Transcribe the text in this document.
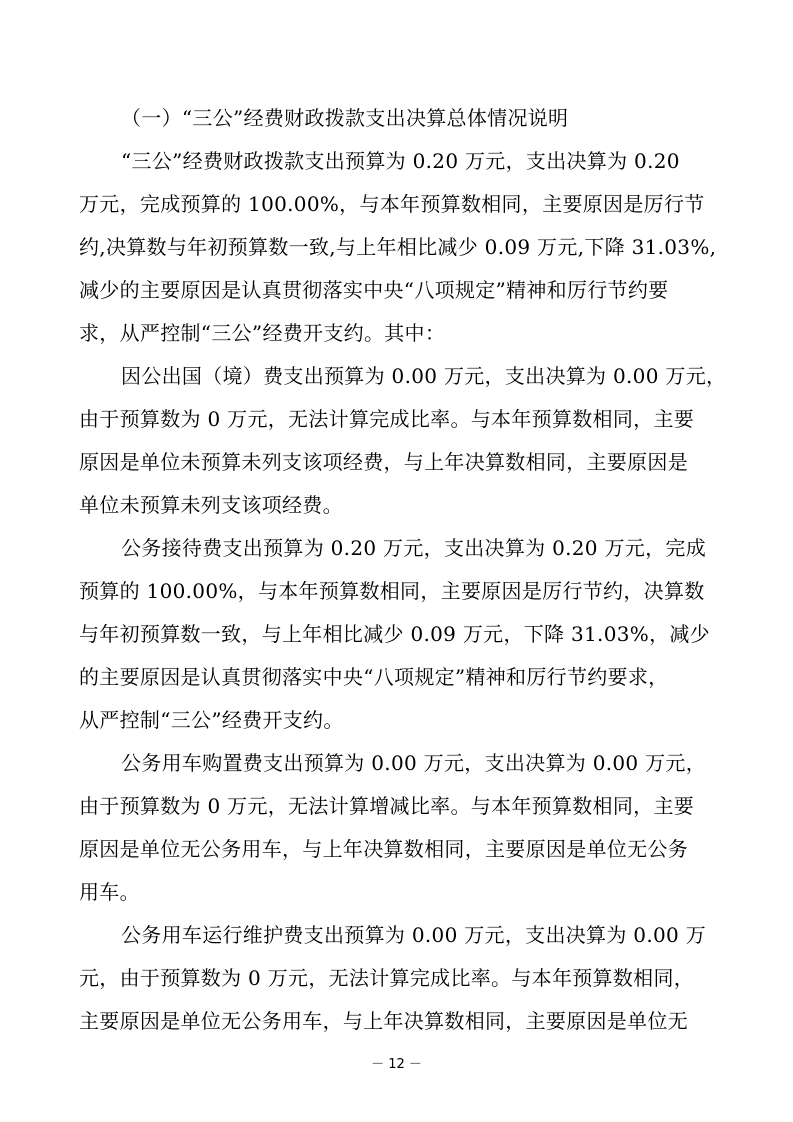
（一）“三公”经费财政拨款支出决算总体情况说明
“三公”经费财政拨款支出预算为 0.20 万元，支出决算为 0.20
万元，完成预算的 100.00%，与本年预算数相同，主要原因是厉行节
约,决算数与年初预算数一致,与上年相比减少 0.09 万元,下降 31.03%,
减少的主要原因是认真贯彻落实中央“八项规定”精神和厉行节约要
求，从严控制“三公”经费开支约。其中：
因公出国（境）费支出预算为 0.00 万元，支出决算为 0.00 万元，
由于预算数为 0 万元，无法计算完成比率。与本年预算数相同，主要
原因是单位未预算未列支该项经费，与上年决算数相同，主要原因是
单位未预算未列支该项经费。
公务接待费支出预算为 0.20 万元，支出决算为 0.20 万元，完成
预算的 100.00%，与本年预算数相同，主要原因是厉行节约，决算数
与年初预算数一致，与上年相比减少 0.09 万元，下降 31.03%，减少
的主要原因是认真贯彻落实中央“八项规定”精神和厉行节约要求，
从严控制“三公”经费开支约。
公务用车购置费支出预算为 0.00 万元，支出决算为 0.00 万元，
由于预算数为 0 万元，无法计算增减比率。与本年预算数相同，主要
原因是单位无公务用车，与上年决算数相同，主要原因是单位无公务
用车。
公务用车运行维护费支出预算为 0.00 万元，支出决算为 0.00 万
元，由于预算数为 0 万元，无法计算完成比率。与本年预算数相同，
主要原因是单位无公务用车，与上年决算数相同，主要原因是单位无
－ 12 －
